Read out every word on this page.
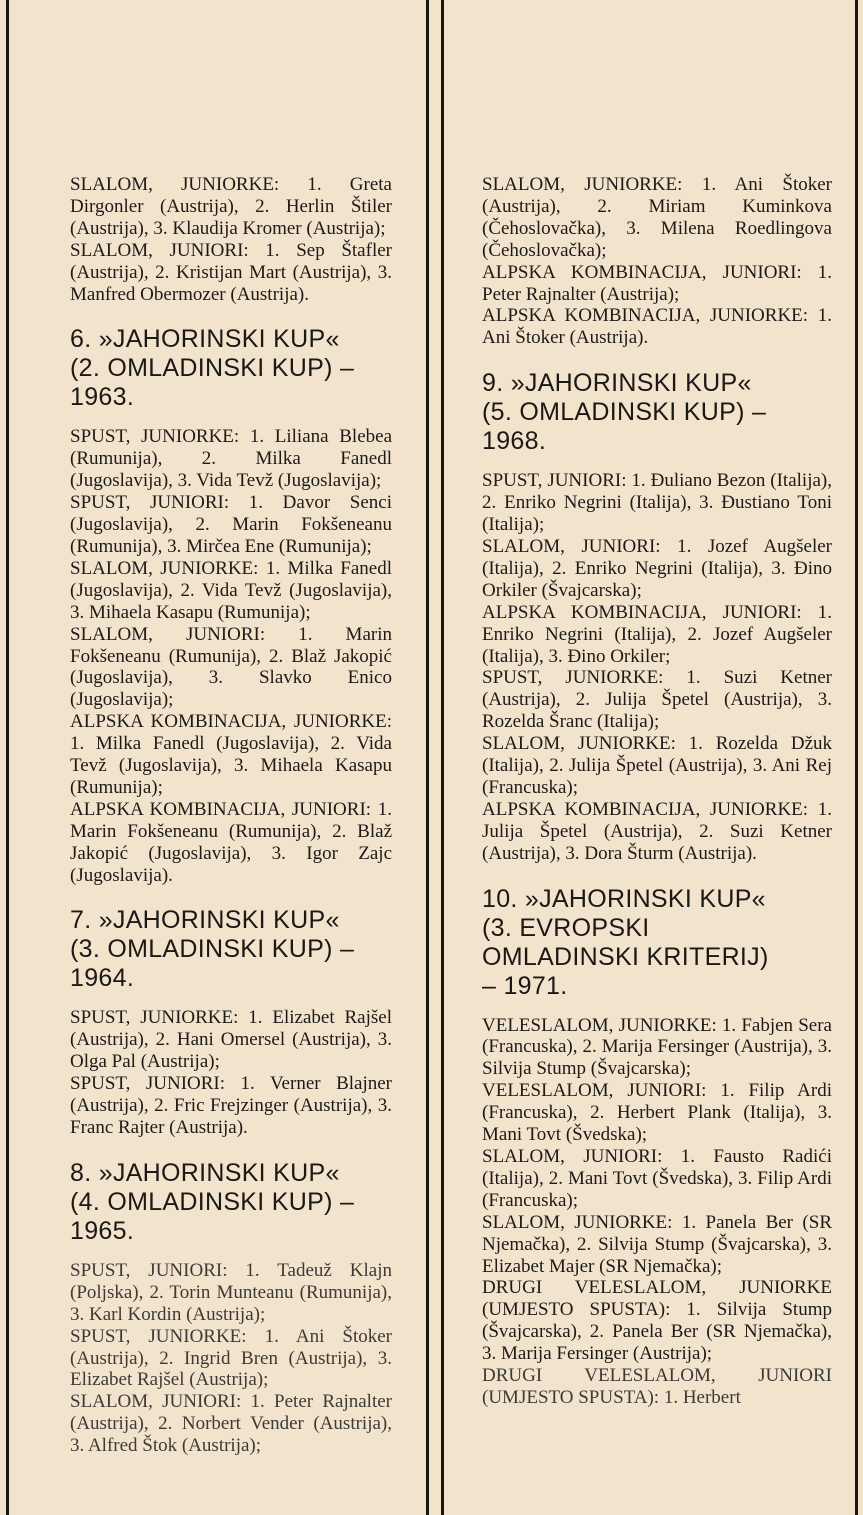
SLALOM, JUNIORKE: 1. Greta Dirgonler (Austrija), 2. Herlin Štiler (Austrija), 3. Klaudija Kromer (Austrija);

SLALOM, JUNIORI: 1. Sep Štafler (Austrija), 2. Kristijan Mart (Austrija), 3. Manfred Obermozer (Austrija).

6. »JAHORINSKI KUP«
(2. OMLADINSKI KUP) –
1963.

SPUST, JUNIORKE: 1. Liliana Blebea (Rumunija), 2. Milka Fanedl (Jugoslavija), 3. Vida Tevž (Jugoslavija);

SPUST, JUNIORI: 1. Davor Senci (Jugoslavija), 2. Marin Fokšeneanu (Rumunija), 3. Mirčea Ene (Rumunija);

SLALOM, JUNIORKE: 1. Milka Fanedl (Jugoslavija), 2. Vida Tevž (Jugoslavija), 3. Mihaela Kasapu (Rumunija);

SLALOM, JUNIORI: 1. Marin Fokšeneanu (Rumunija), 2. Blaž Jakopić (Jugoslavija), 3. Slavko Enico (Jugoslavija);

ALPSKA KOMBINACIJA, JUNIORKE: 1. Milka Fanedl (Jugoslavija), 2. Vida Tevž (Jugoslavija), 3. Mihaela Kasapu (Rumunija);

ALPSKA KOMBINACIJA, JUNIORI: 1. Marin Fokšeneanu (Rumunija), 2. Blaž Jakopić (Jugoslavija), 3. Igor Zajc (Jugoslavija).

7. »JAHORINSKI KUP«
(3. OMLADINSKI KUP) –
1964.

SPUST, JUNIORKE: 1. Elizabet Rajšel (Austrija), 2. Hani Omersel (Austrija), 3. Olga Pal (Austrija);

SPUST, JUNIORI: 1. Verner Blajner (Austrija), 2. Fric Frejzinger (Austrija), 3. Franc Rajter (Austrija).

8. »JAHORINSKI KUP«
(4. OMLADINSKI KUP) –
1965.

SPUST, JUNIORI: 1. Tadeuž Klajn (Poljska), 2. Torin Munteanu (Rumunija), 3. Karl Kordin (Austrija);

SPUST, JUNIORKE: 1. Ani Štoker (Austrija), 2. Ingrid Bren (Austrija), 3. Elizabet Rajšel (Austrija);

SLALOM, JUNIORI: 1. Peter Rajnalter (Austrija), 2. Norbert Vender (Austrija), 3. Alfred Štok (Austrija);

SLALOM, JUNIORKE: 1. Ani Štoker (Austrija), 2. Miriam Kuminkova (Čehoslovačka), 3. Milena Roedlingova (Čehoslovačka);

ALPSKA KOMBINACIJA, JUNIORI: 1. Peter Rajnalter (Austrija);

ALPSKA KOMBINACIJA, JUNIORKE: 1. Ani Štoker (Austrija).

9. »JAHORINSKI KUP«
(5. OMLADINSKI KUP) –
1968.

SPUST, JUNIORI: 1. Đuliano Bezon (Italija), 2. Enriko Negrini (Italija), 3. Đustiano Toni (Italija);

SLALOM, JUNIORI: 1. Jozef Augšeler (Italija), 2. Enriko Negrini (Italija), 3. Đino Orkiler (Švajcarska);

ALPSKA KOMBINACIJA, JUNIORI: 1. Enriko Negrini (Italija), 2. Jozef Augšeler (Italija), 3. Đino Orkiler;

SPUST, JUNIORKE: 1. Suzi Ketner (Austrija), 2. Julija Špetel (Austrija), 3. Rozelda Šranc (Italija);

SLALOM, JUNIORKE: 1. Rozelda Džuk (Italija), 2. Julija Špetel (Austrija), 3. Ani Rej (Francuska);

ALPSKA KOMBINACIJA, JUNIORKE: 1. Julija Špetel (Austrija), 2. Suzi Ketner (Austrija), 3. Dora Šturm (Austrija).

10. »JAHORINSKI KUP«
(3. EVROPSKI
OMLADINSKI KRITERIJ)
– 1971.

VELESLALOM, JUNIORKE: 1. Fabjen Sera (Francuska), 2. Marija Fersinger (Austrija), 3. Silvija Stump (Švajcarska);

VELESLALOM, JUNIORI: 1. Filip Ardi (Francuska), 2. Herbert Plank (Italija), 3. Mani Tovt (Švedska);

SLALOM, JUNIORI: 1. Fausto Radići (Italija), 2. Mani Tovt (Švedska), 3. Filip Ardi (Francuska);

SLALOM, JUNIORKE: 1. Panela Ber (SR Njemačka), 2. Silvija Stump (Švajcarska), 3. Elizabet Majer (SR Njemačka);

DRUGI VELESLALOM, JUNIORKE (UMJESTO SPUSTA): 1. Silvija Stump (Švajcarska), 2. Panela Ber (SR Njemačka), 3. Marija Fersinger (Austrija);

DRUGI VELESLALOM, JUNIORI (UMJESTO SPUSTA): 1. Herbert
